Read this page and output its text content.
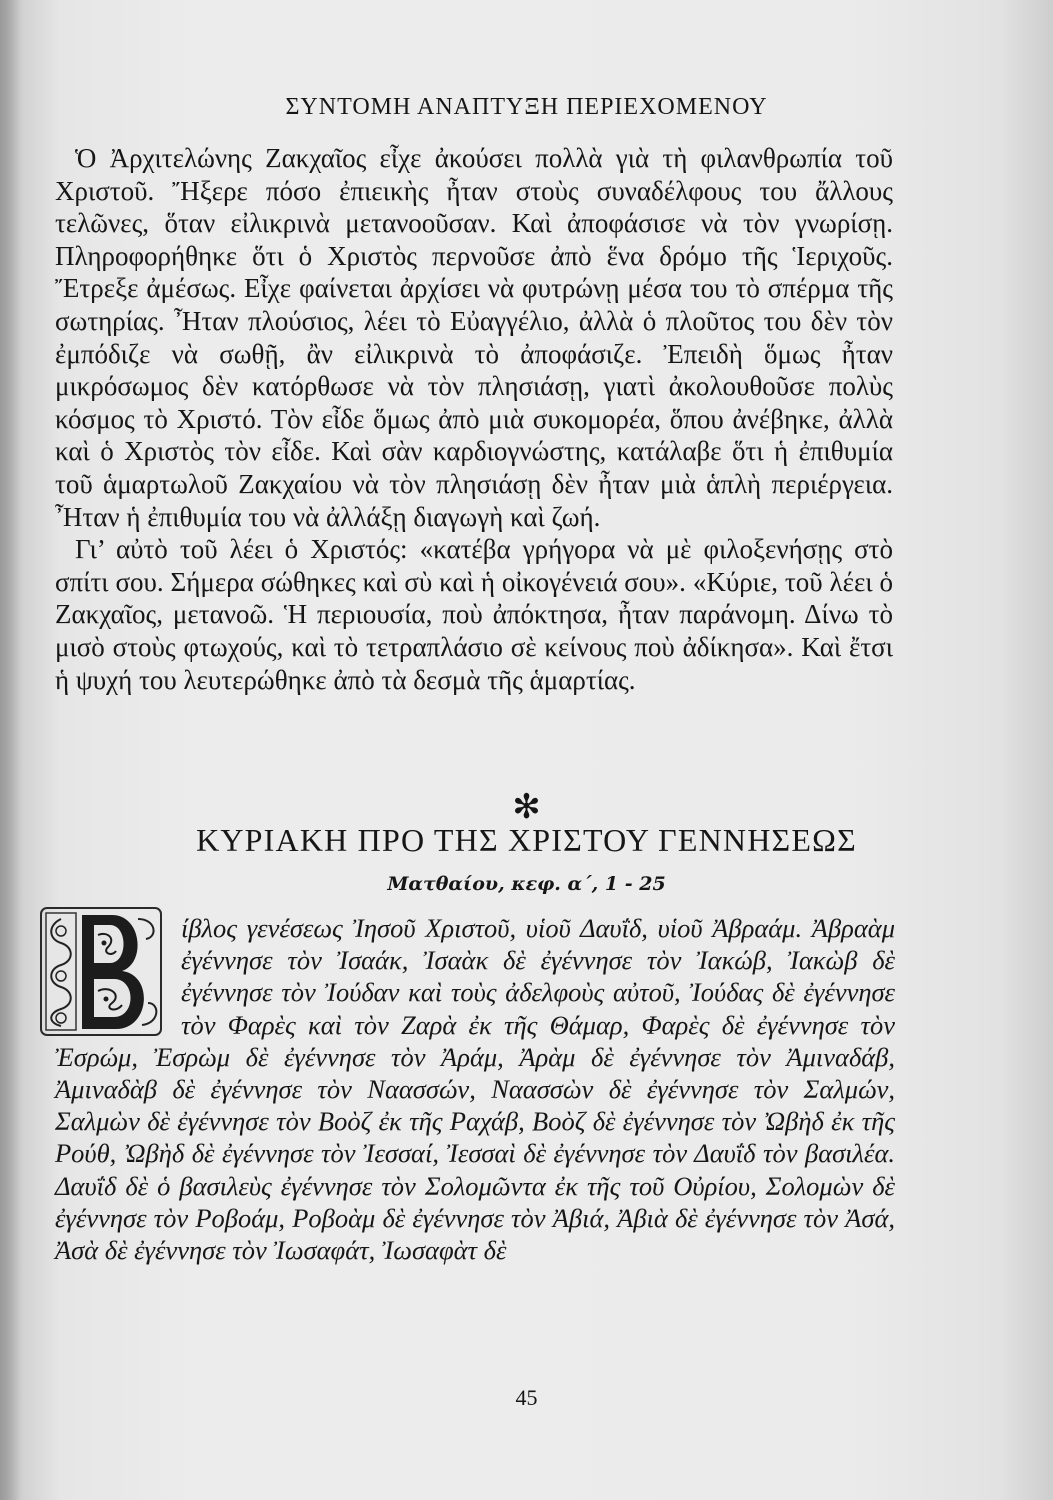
ΣΥΝΤΟΜΗ ΑΝΑΠΤΥΞΗ ΠΕΡΙΕΧΟΜΕΝΟΥ

Ὁ Ἀρχιτελώνης Ζακχαῖος εἶχε ἀκούσει πολλὰ γιὰ τὴ φιλανθρωπία τοῦ Χριστοῦ. Ἤξερε πόσο ἐπιεικὴς ἦταν στοὺς συναδέλφους του ἄλλους τελῶνες, ὅταν εἰλικρινὰ μετανοοῦσαν. Καὶ ἀποφάσισε νὰ τὸν γνωρίσῃ. Πληροφορήθηκε ὅτι ὁ Χριστὸς περνοῦσε ἀπὸ ἕνα δρόμο τῆς Ἱεριχοῦς. Ἔτρεξε ἀμέσως. Εἶχε φαίνεται ἀρχίσει νὰ φυτρώνῃ μέσα του τὸ σπέρμα τῆς σωτηρίας. Ἦταν πλούσιος, λέει τὸ Εὐαγγέλιο, ἀλλὰ ὁ πλοῦτος του δὲν τὸν ἐμπόδιζε νὰ σωθῇ, ἂν εἰλικρινὰ τὸ ἀποφάσιζε. Ἐπειδὴ ὅμως ἦταν μικρόσωμος δὲν κατόρθωσε νὰ τὸν πλησιάσῃ, γιατὶ ἀκολουθοῦσε πολὺς κόσμος τὸ Χριστό. Τὸν εἶδε ὅμως ἀπὸ μιὰ συκομορέα, ὅπου ἀνέβηκε, ἀλλὰ καὶ ὁ Χριστὸς τὸν εἶδε. Καὶ σὰν καρδιογνώστης, κατάλαβε ὅτι ἡ ἐπιθυμία τοῦ ἁμαρτωλοῦ Ζακχαίου νὰ τὸν πλησιάσῃ δὲν ἦταν μιὰ ἁπλὴ περιέργεια. Ἦταν ἡ ἐπιθυμία του νὰ ἀλλάξῃ διαγωγὴ καὶ ζωή.

Γι’ αὐτὸ τοῦ λέει ὁ Χριστός: «κατέβα γρήγορα νὰ μὲ φιλοξενήσῃς στὸ σπίτι σου. Σήμερα σώθηκες καὶ σὺ καὶ ἡ οἰκογένειά σου». «Κύριε, τοῦ λέει ὁ Ζακχαῖος, μετανοῶ. Ἡ περιουσία, ποὺ ἀπόκτησα, ἦταν παράνομη. Δίνω τὸ μισὸ στοὺς φτωχούς, καὶ τὸ τετραπλάσιο σὲ κείνους ποὺ ἀδίκησα». Καὶ ἔτσι ἡ ψυχή του λευτερώθηκε ἀπὸ τὰ δεσμὰ τῆς ἁμαρτίας.

✻
ΚΥΡΙΑΚΗ ΠΡΟ ΤΗΣ ΧΡΙΣΤΟΥ ΓΕΝΝΗΣΕΩΣ
Ματθαίου, κεφ. α΄, 1 - 25

ίβλος γενέσεως Ἰησοῦ Χριστοῦ, υἱοῦ Δαυΐδ, υἱοῦ Ἀβραάμ. Ἀβραὰμ ἐγέννησε τὸν Ἰσαάκ, Ἰσαὰκ δὲ ἐγέννησε τὸν Ἰακώβ, Ἰακὼβ δὲ ἐγέννησε τὸν Ἰούδαν καὶ τοὺς ἀδελφοὺς αὐτοῦ, Ἰούδας δὲ ἐγέννησε τὸν Φαρὲς καὶ τὸν Ζαρὰ ἐκ τῆς Θάμαρ, Φαρὲς δὲ ἐγέννησε τὸν Ἐσρώμ, Ἐσρὼμ δὲ ἐγέννησε τὸν Ἀράμ, Ἀρὰμ δὲ ἐγέννησε τὸν Ἀμιναδάβ, Ἀμιναδὰβ δὲ ἐγέννησε τὸν Ναασσών, Ναασσὼν δὲ ἐγέννησε τὸν Σαλμών, Σαλμὼν δὲ ἐγέννησε τὸν Βοὸζ ἐκ τῆς Ραχάβ, Βοὸζ δὲ ἐγέννησε τὸν Ὠβὴδ ἐκ τῆς Ρούθ, Ὠβὴδ δὲ ἐγέννησε τὸν Ἰεσσαί, Ἰεσσαὶ δὲ ἐγέννησε τὸν Δαυΐδ τὸν βασιλέα. Δαυΐδ δὲ ὁ βασιλεὺς ἐγέννησε τὸν Σολομῶντα ἐκ τῆς τοῦ Οὐρίου, Σολομὼν δὲ ἐγέννησε τὸν Ροβοάμ, Ροβοὰμ δὲ ἐγέννησε τὸν Ἀβιά, Ἀβιὰ δὲ ἐγέννησε τὸν Ἀσά, Ἀσὰ δὲ ἐγέννησε τὸν Ἰωσαφάτ, Ἰωσαφὰτ δὲ

45
